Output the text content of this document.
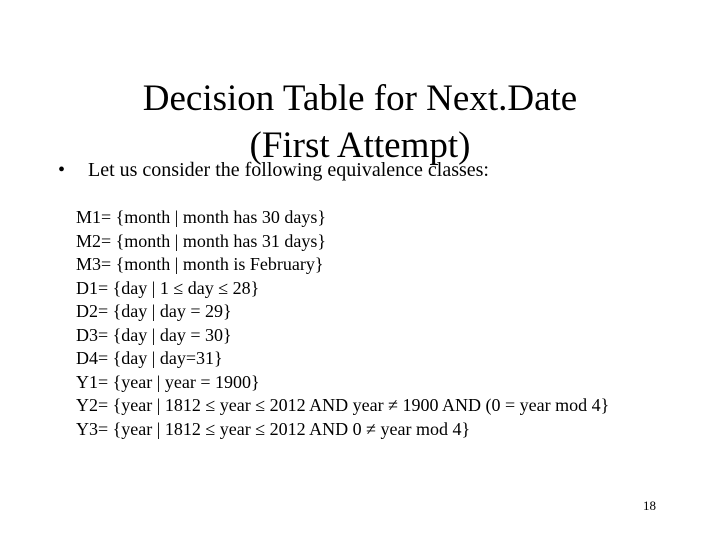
Decision Table for Next.Date
(First Attempt)
• Let us consider the following equivalence classes:
M1= {month | month has 30 days}
M2= {month | month has 31 days}
M3= {month | month is February}
D1= {day | 1 ≤ day ≤ 28}
D2= {day | day = 29}
D3= {day | day = 30}
D4= {day | day=31}
Y1= {year | year = 1900}
Y2= {year | 1812 ≤ year ≤ 2012 AND year ≠ 1900 AND (0 = year mod 4}
Y3= {year | 1812 ≤ year ≤ 2012 AND 0 ≠ year mod 4}
18
